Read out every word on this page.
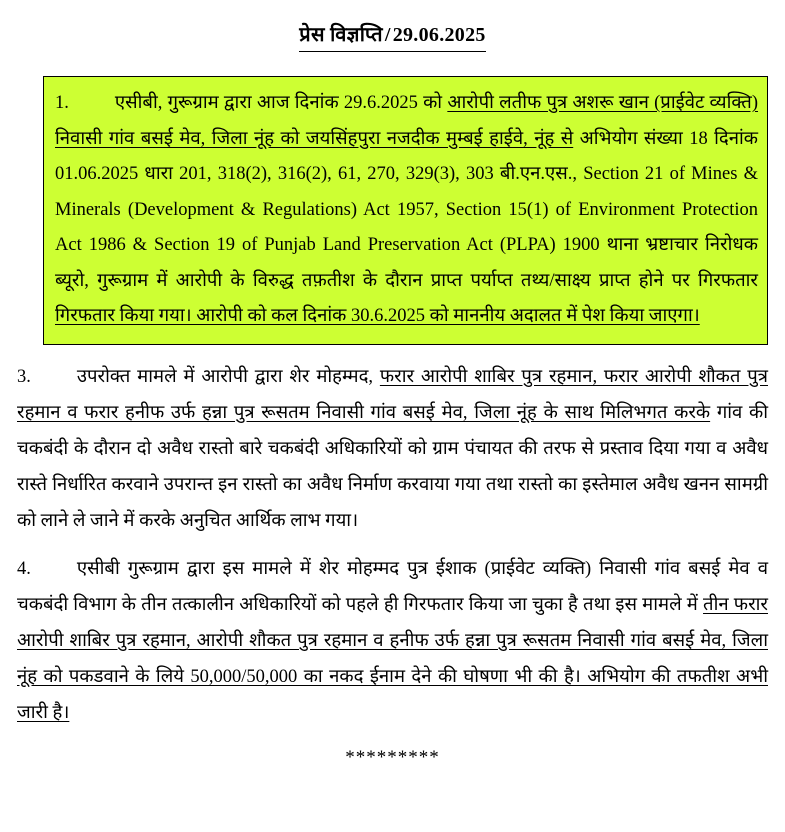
प्रेस विज्ञप्ति / 29.06.2025

1. एसीबी, गुरूग्राम द्वारा आज दिनांक 29.6.2025 को आरोपी लतीफ पुत्र अशरू खान (प्राईवेट व्यक्ति) निवासी गांव बसई मेव, जिला नूंह को जयसिंहपुरा नजदीक मुम्बई हाईवे, नूंह से अभियोग संख्या 18 दिनांक 01.06.2025 धारा 201, 318(2), 316(2), 61, 270, 329(3), 303 बी.एन.एस., Section 21 of Mines & Minerals (Development & Regulations) Act 1957, Section 15(1) of Environment Protection Act 1986 & Section 19 of Punjab Land Preservation Act (PLPA) 1900 थाना भ्रष्टाचार निरोधक ब्यूरो, गुरूग्राम में आरोपी के विरुद्ध तफ़तीश के दौरान प्राप्त पर्याप्त तथ्य/साक्ष्य प्राप्त होने पर गिरफतार गिरफतार किया गया। आरोपी को कल दिनांक 30.6.2025 को माननीय अदालत में पेश किया जाएगा।

3. उपरोक्त मामले में आरोपी द्वारा शेर मोहम्मद, फरार आरोपी शाबिर पुत्र रहमान, फरार आरोपी शौकत पुत्र रहमान व फरार हनीफ उर्फ हन्ना पुत्र रूसतम निवासी गांव बसई मेव, जिला नूंह के साथ मिलिभगत करके गांव की चकबंदी के दौरान दो अवैध रास्तो बारे चकबंदी अधिकारियों को ग्राम पंचायत की तरफ से प्रस्ताव दिया गया व अवैध रास्ते निर्धारित करवाने उपरान्त इन रास्तो का अवैध निर्माण करवाया गया तथा रास्तो का इस्तेमाल अवैध खनन सामग्री को लाने ले जाने में करके अनुचित आर्थिक लाभ गया।

4. एसीबी गुरूग्राम द्वारा इस मामले में शेर मोहम्मद पुत्र ईशाक (प्राईवेट व्यक्ति) निवासी गांव बसई मेव व चकबंदी विभाग के तीन तत्कालीन अधिकारियों को पहले ही गिरफतार किया जा चुका है तथा इस मामले में तीन फरार आरोपी शाबिर पुत्र रहमान, आरोपी शौकत पुत्र रहमान व हनीफ उर्फ हन्ना पुत्र रूसतम निवासी गांव बसई मेव, जिला नूंह को पकडवाने के लिये 50,000/50,000 का नकद ईनाम देने की घोषणा भी की है। अभियोग की तफतीश अभी जारी है।

*********
